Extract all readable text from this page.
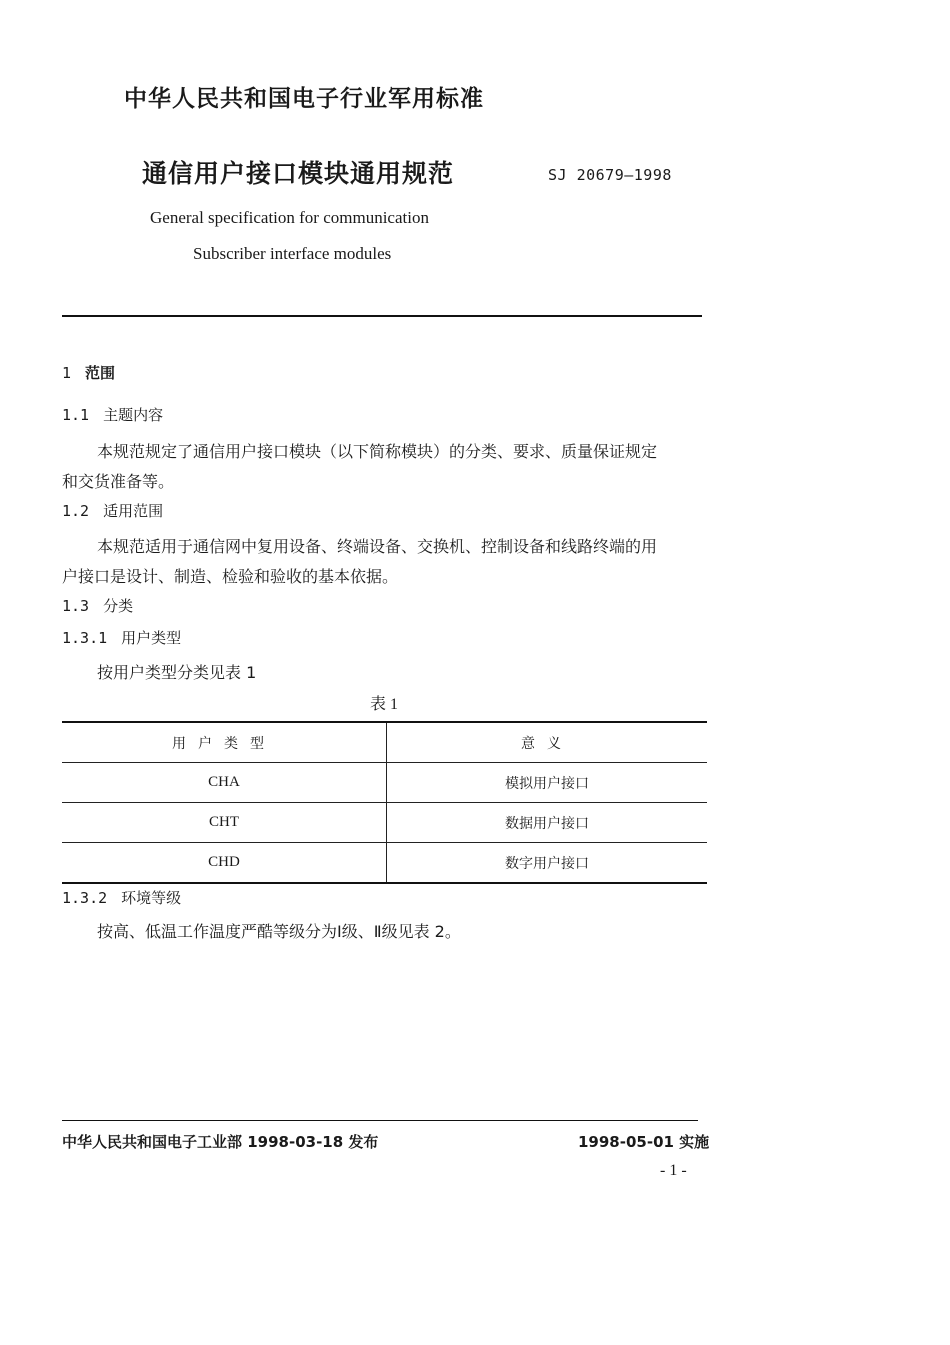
中华人民共和国电子行业军用标准
通信用户接口模块通用规范	SJ 20679—1998
General specification for communication
Subscriber interface modules
1 范围
1.1 主题内容
本规范规定了通信用户接口模块（以下简称模块）的分类、要求、质量保证规定
和交货准备等。
1.2 适用范围
本规范适用于通信网中复用设备、终端设备、交换机、控制设备和线路终端的用
户接口是设计、制造、检验和验收的基本依据。
1.3 分类
1.3.1 用户类型
按用户类型分类见表 1
表 1
用户类型	意义
CHA	模拟用户接口
CHT	数据用户接口
CHD	数字用户接口
1.3.2 环境等级
按高、低温工作温度严酷等级分为Ⅰ级、Ⅱ级见表 2。
中华人民共和国电子工业部 1998-03-18 发布	1998-05-01 实施
- 1 -
